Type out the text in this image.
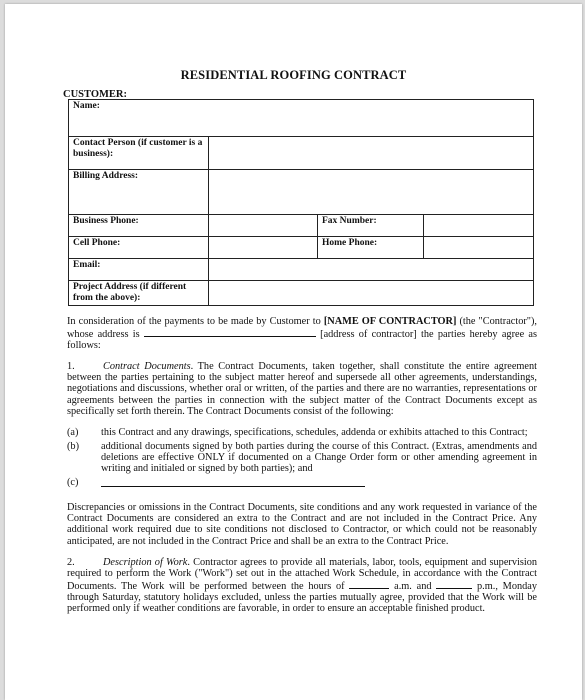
RESIDENTIAL ROOFING CONTRACT
CUSTOMER:
Name:			
Contact Person (if customer is a business):			
Billing Address:			
Business Phone:		Fax Number:	
Cell Phone:		Home Phone:	
Email:			
Project Address (if different from the above):			

In consideration of the payments to be made by Customer to [NAME OF CONTRACTOR] (the "Contractor"), whose address is	[address of contractor] the parties hereby agree as follows:

1.	Contract Documents. The Contract Documents, taken together, shall constitute the entire agreement between the parties pertaining to the subject matter hereof and supersede all other agreements, understandings, negotiations and discussions, whether oral or written, of the parties and there are no warranties, representations or agreements between the parties in connection with the subject matter of the Contract Documents except as specifically set forth therein. The Contract Documents consist of the following:

(a)	this Contract and any drawings, specifications, schedules, addenda or exhibits attached to this Contract;
(b)	additional documents signed by both parties during the course of this Contract. (Extras, amendments and deletions are effective ONLY if documented on a Change Order form or other amending agreement in writing and initialed or signed by both parties); and
(c)

Discrepancies or omissions in the Contract Documents, site conditions and any work requested in variance of the Contract Documents are considered an extra to the Contract and are not included in the Contract Price. Any additional work required due to site conditions not disclosed to Contractor, or which could not be reasonably anticipated, are not included in the Contract Price and shall be an extra to the Contract Price.

2.	Description of Work. Contractor agrees to provide all materials, labor, tools, equipment and supervision required to perform the Work ("Work") set out in the attached Work Schedule, in accordance with the Contract Documents. The Work will be performed between the hours of	a.m. and	p.m., Monday through Saturday, statutory holidays excluded, unless the parties mutually agree, provided that the Work will be performed only if weather conditions are favorable, in order to ensure an acceptable finished product.
